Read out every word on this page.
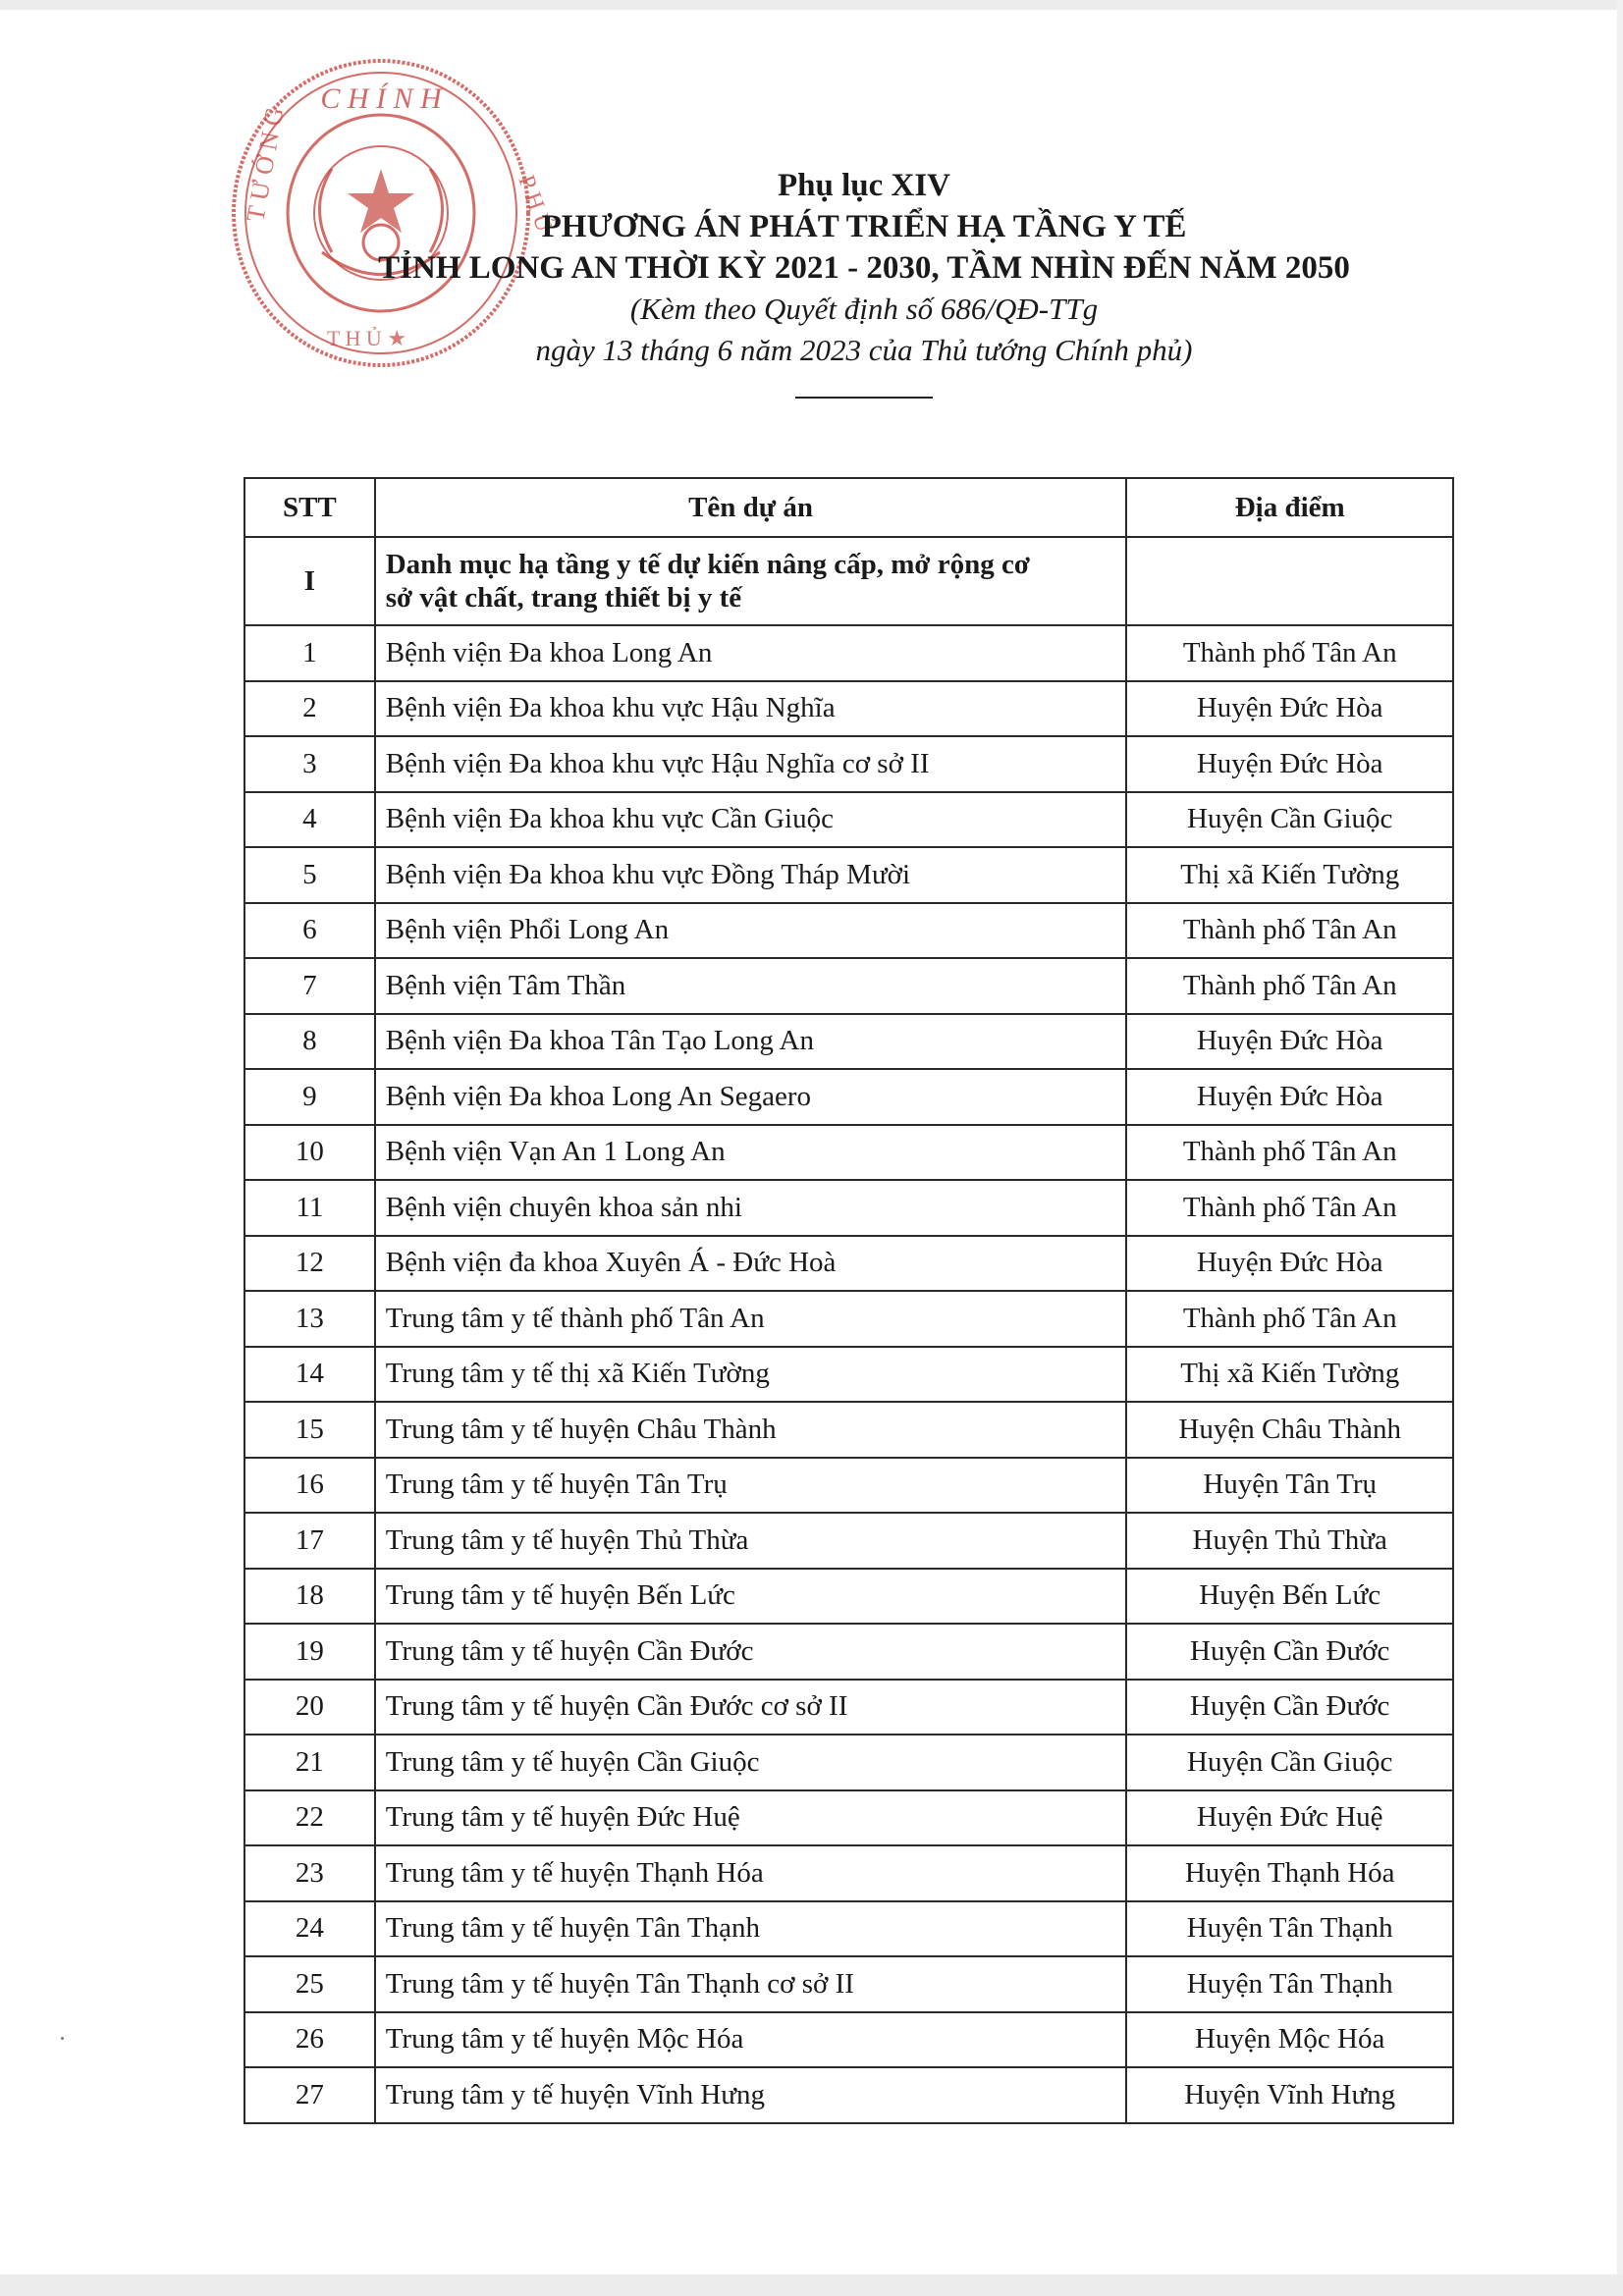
C H Í N H
T Ư Ớ N G	P H Ủ
T H Ủ ★

Phụ lục XIV

PHƯƠNG ÁN PHÁT TRIỂN HẠ TẦNG Y TẾ

TỈNH LONG AN THỜI KỲ 2021 - 2030, TẦM NHÌN ĐẾN NĂM 2050

(Kèm theo Quyết định số 686/QĐ-TTg

ngày 13 tháng 6 năm 2023 của Thủ tướng Chính phủ)

STT	Tên dự án	Địa điểm
I	Danh mục hạ tầng y tế dự kiến nâng cấp, mở rộng cơ
sở vật chất, trang thiết bị y tế	
1	Bệnh viện Đa khoa Long An	Thành phố Tân An
2	Bệnh viện Đa khoa khu vực Hậu Nghĩa	Huyện Đức Hòa
3	Bệnh viện Đa khoa khu vực Hậu Nghĩa cơ sở II	Huyện Đức Hòa
4	Bệnh viện Đa khoa khu vực Cần Giuộc	Huyện Cần Giuộc
5	Bệnh viện Đa khoa khu vực Đồng Tháp Mười	Thị xã Kiến Tường
6	Bệnh viện Phổi Long An	Thành phố Tân An
7	Bệnh viện Tâm Thần	Thành phố Tân An
8	Bệnh viện Đa khoa Tân Tạo Long An	Huyện Đức Hòa
9	Bệnh viện Đa khoa Long An Segaero	Huyện Đức Hòa
10	Bệnh viện Vạn An 1 Long An	Thành phố Tân An
11	Bệnh viện chuyên khoa sản nhi	Thành phố Tân An
12	Bệnh viện đa khoa Xuyên Á - Đức Hoà	Huyện Đức Hòa
13	Trung tâm y tế thành phố Tân An	Thành phố Tân An
14	Trung tâm y tế thị xã Kiến Tường	Thị xã Kiến Tường
15	Trung tâm y tế huyện Châu Thành	Huyện Châu Thành
16	Trung tâm y tế huyện Tân Trụ	Huyện Tân Trụ
17	Trung tâm y tế huyện Thủ Thừa	Huyện Thủ Thừa
18	Trung tâm y tế huyện Bến Lức	Huyện Bến Lức
19	Trung tâm y tế huyện Cần Đước	Huyện Cần Đước
20	Trung tâm y tế huyện Cần Đước cơ sở II	Huyện Cần Đước
21	Trung tâm y tế huyện Cần Giuộc	Huyện Cần Giuộc
22	Trung tâm y tế huyện Đức Huệ	Huyện Đức Huệ
23	Trung tâm y tế huyện Thạnh Hóa	Huyện Thạnh Hóa
24	Trung tâm y tế huyện Tân Thạnh	Huyện Tân Thạnh
25	Trung tâm y tế huyện Tân Thạnh cơ sở II	Huyện Tân Thạnh
26	Trung tâm y tế huyện Mộc Hóa	Huyện Mộc Hóa
27	Trung tâm y tế huyện Vĩnh Hưng	Huyện Vĩnh Hưng
